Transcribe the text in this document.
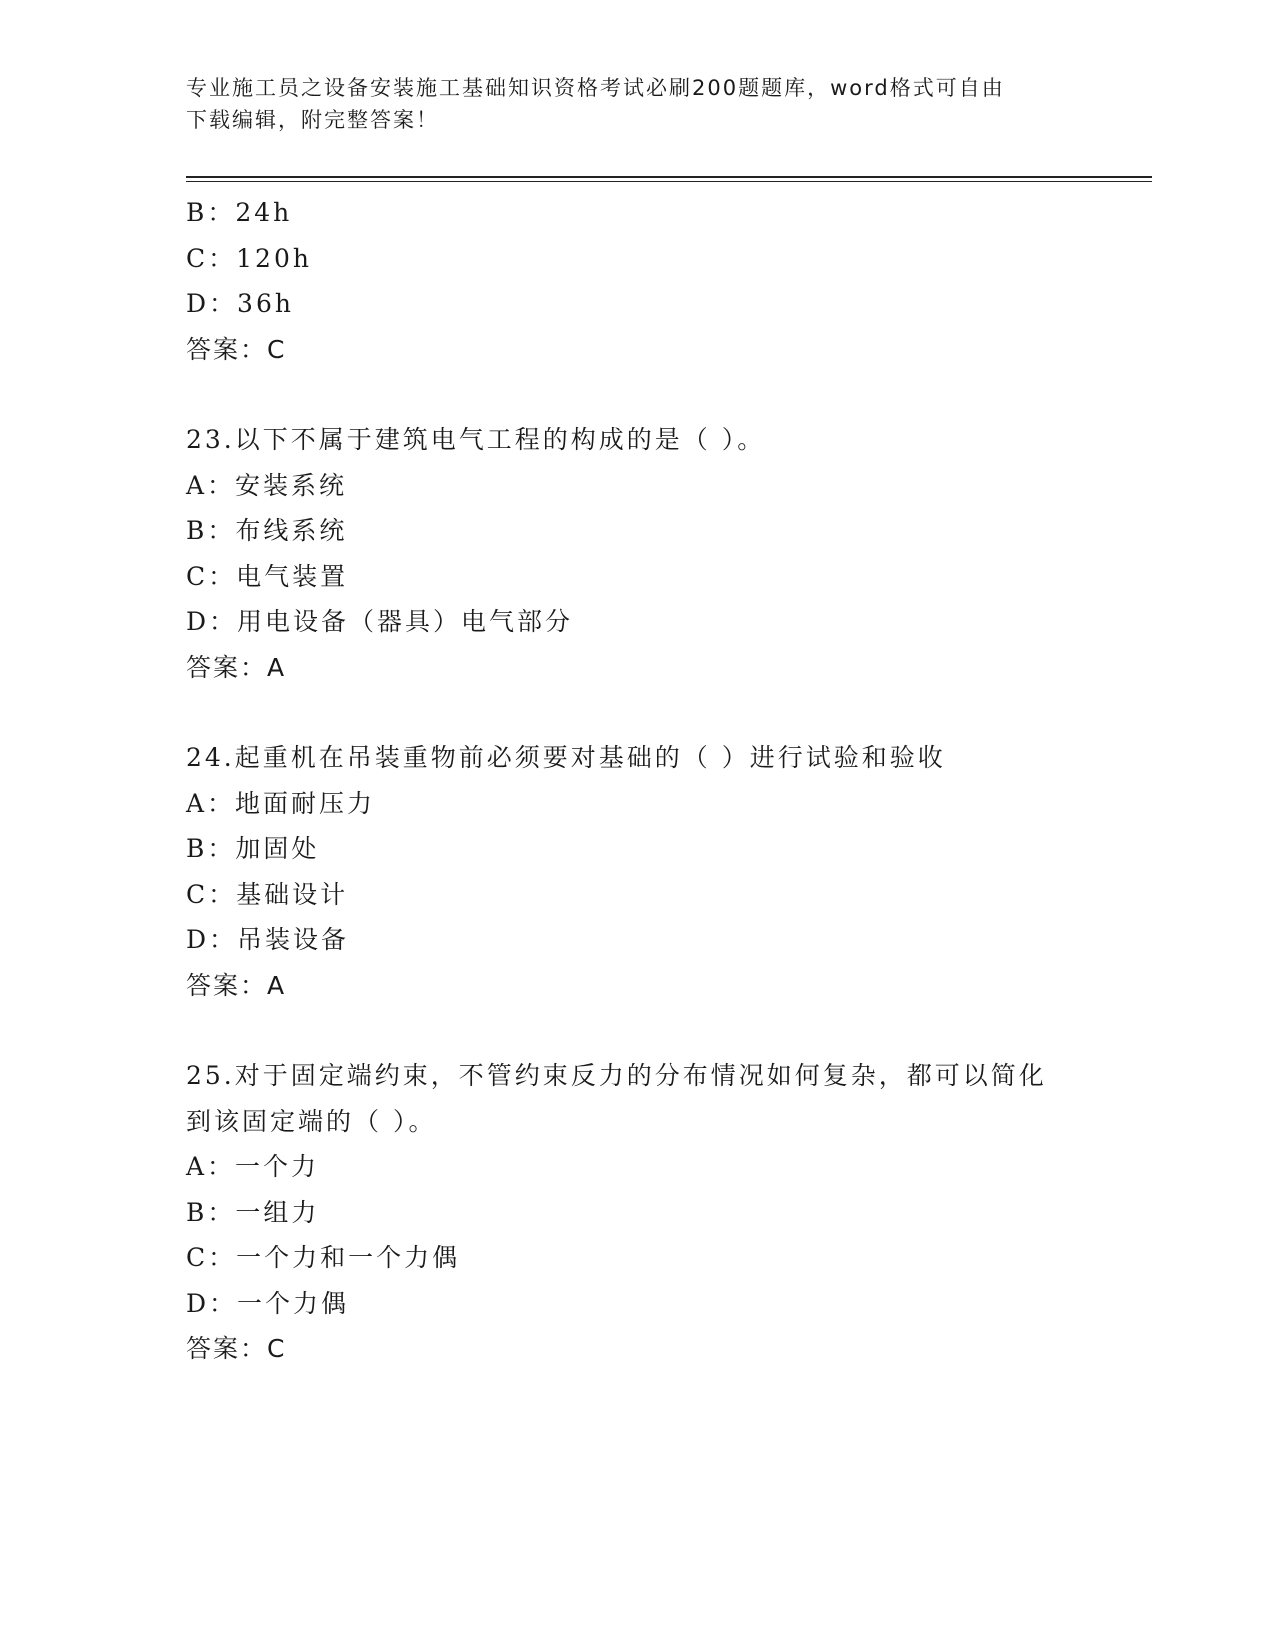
专业施工员之设备安装施工基础知识资格考试必刷200题题库，word格式可自由
下载编辑，附完整答案！
B：24h
C：120h
D：36h
答案：C
23.以下不属于建筑电气工程的构成的是（ ）。
A：安装系统
B：布线系统
C：电气装置
D：用电设备（器具）电气部分
答案：A
24.起重机在吊装重物前必须要对基础的（ ）进行试验和验收
A：地面耐压力
B：加固处
C：基础设计
D：吊装设备
答案：A
25.对于固定端约束，不管约束反力的分布情况如何复杂，都可以简化
到该固定端的（ ）。
A：一个力
B：一组力
C：一个力和一个力偶
D：一个力偶
答案：C
